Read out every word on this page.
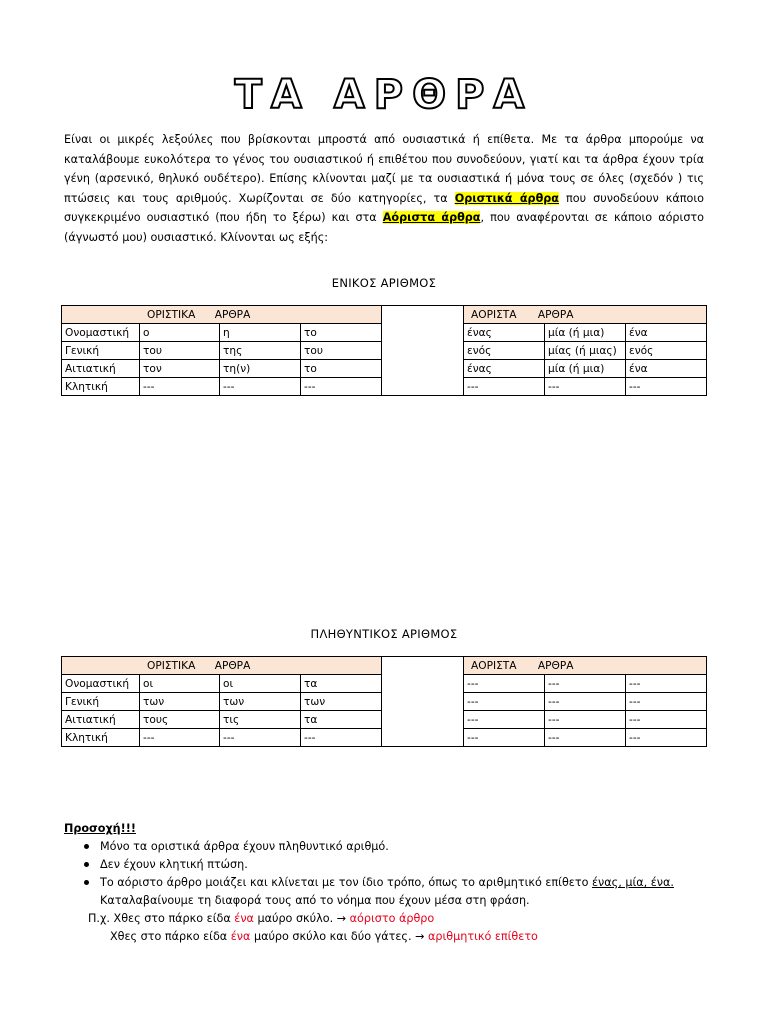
ΤΑ ΑΡΘΡΑ
Είναι οι μικρές λεξούλες που βρίσκονται μπροστά από ουσιαστικά ή επίθετα. Με τα άρθρα μπορούμε να καταλάβουμε ευκολότερα το γένος του ουσιαστικού ή επιθέτου που συνοδεύουν, γιατί και τα άρθρα έχουν τρία γένη (αρσενικό, θηλυκό ουδέτερο). Επίσης κλίνονται μαζί με τα ουσιαστικά ή μόνα τους σε όλες (σχεδόν ) τις πτώσεις και τους αριθμούς. Χωρίζονται σε δύο κατηγορίες, τα Οριστικά άρθρα που συνοδεύουν κάποιο συγκεκριμένο ουσιαστικό (που ήδη το ξέρω) και στα Αόριστα άρθρα, που αναφέρονται σε κάποιο αόριστο (άγνωστό μου) ουσιαστικό. Κλίνονται ως εξής:
ΕΝΙΚΟΣ ΑΡΙΘΜΟΣ
ΟΡΙΣΤΙΚΑ ΑΡΘΡΑ					ΑΟΡΙΣΤΑ ΑΡΘΡΑ		
Ονομαστική	ο	η	το		ένας	μία (ή μια)	ένα
Γενική	του	της	του		ενός	μίας (ή μιας)	ενός
Αιτιατική	τον	τη(ν)	το		ένας	μία (ή μια)	ένα
Κλητική	---	---	---		---	---	---
ΠΛΗΘΥΝΤΙΚΟΣ ΑΡΙΘΜΟΣ
ΟΡΙΣΤΙΚΑ ΑΡΘΡΑ					ΑΟΡΙΣΤΑ ΑΡΘΡΑ		
Ονομαστική	οι	οι	τα		---	---	---
Γενική	των	των	των		---	---	---
Αιτιατική	τους	τις	τα		---	---	---
Κλητική	---	---	---		---	---	---
Προσοχή!!!
Μόνο τα οριστικά άρθρα έχουν πληθυντικό αριθμό.
Δεν έχουν κλητική πτώση.
Το αόριστο άρθρο μοιάζει και κλίνεται με τον ίδιο τρόπο, όπως το αριθμητικό επίθετο ένας, μία, ένα. Καταλαβαίνουμε τη διαφορά τους από το νόημα που έχουν μέσα στη φράση.
Π.χ. Χθες στο πάρκο είδα ένα μαύρο σκύλο. → αόριστο άρθρο
Χθες στο πάρκο είδα ένα μαύρο σκύλο και δύο γάτες. → αριθμητικό επίθετο
